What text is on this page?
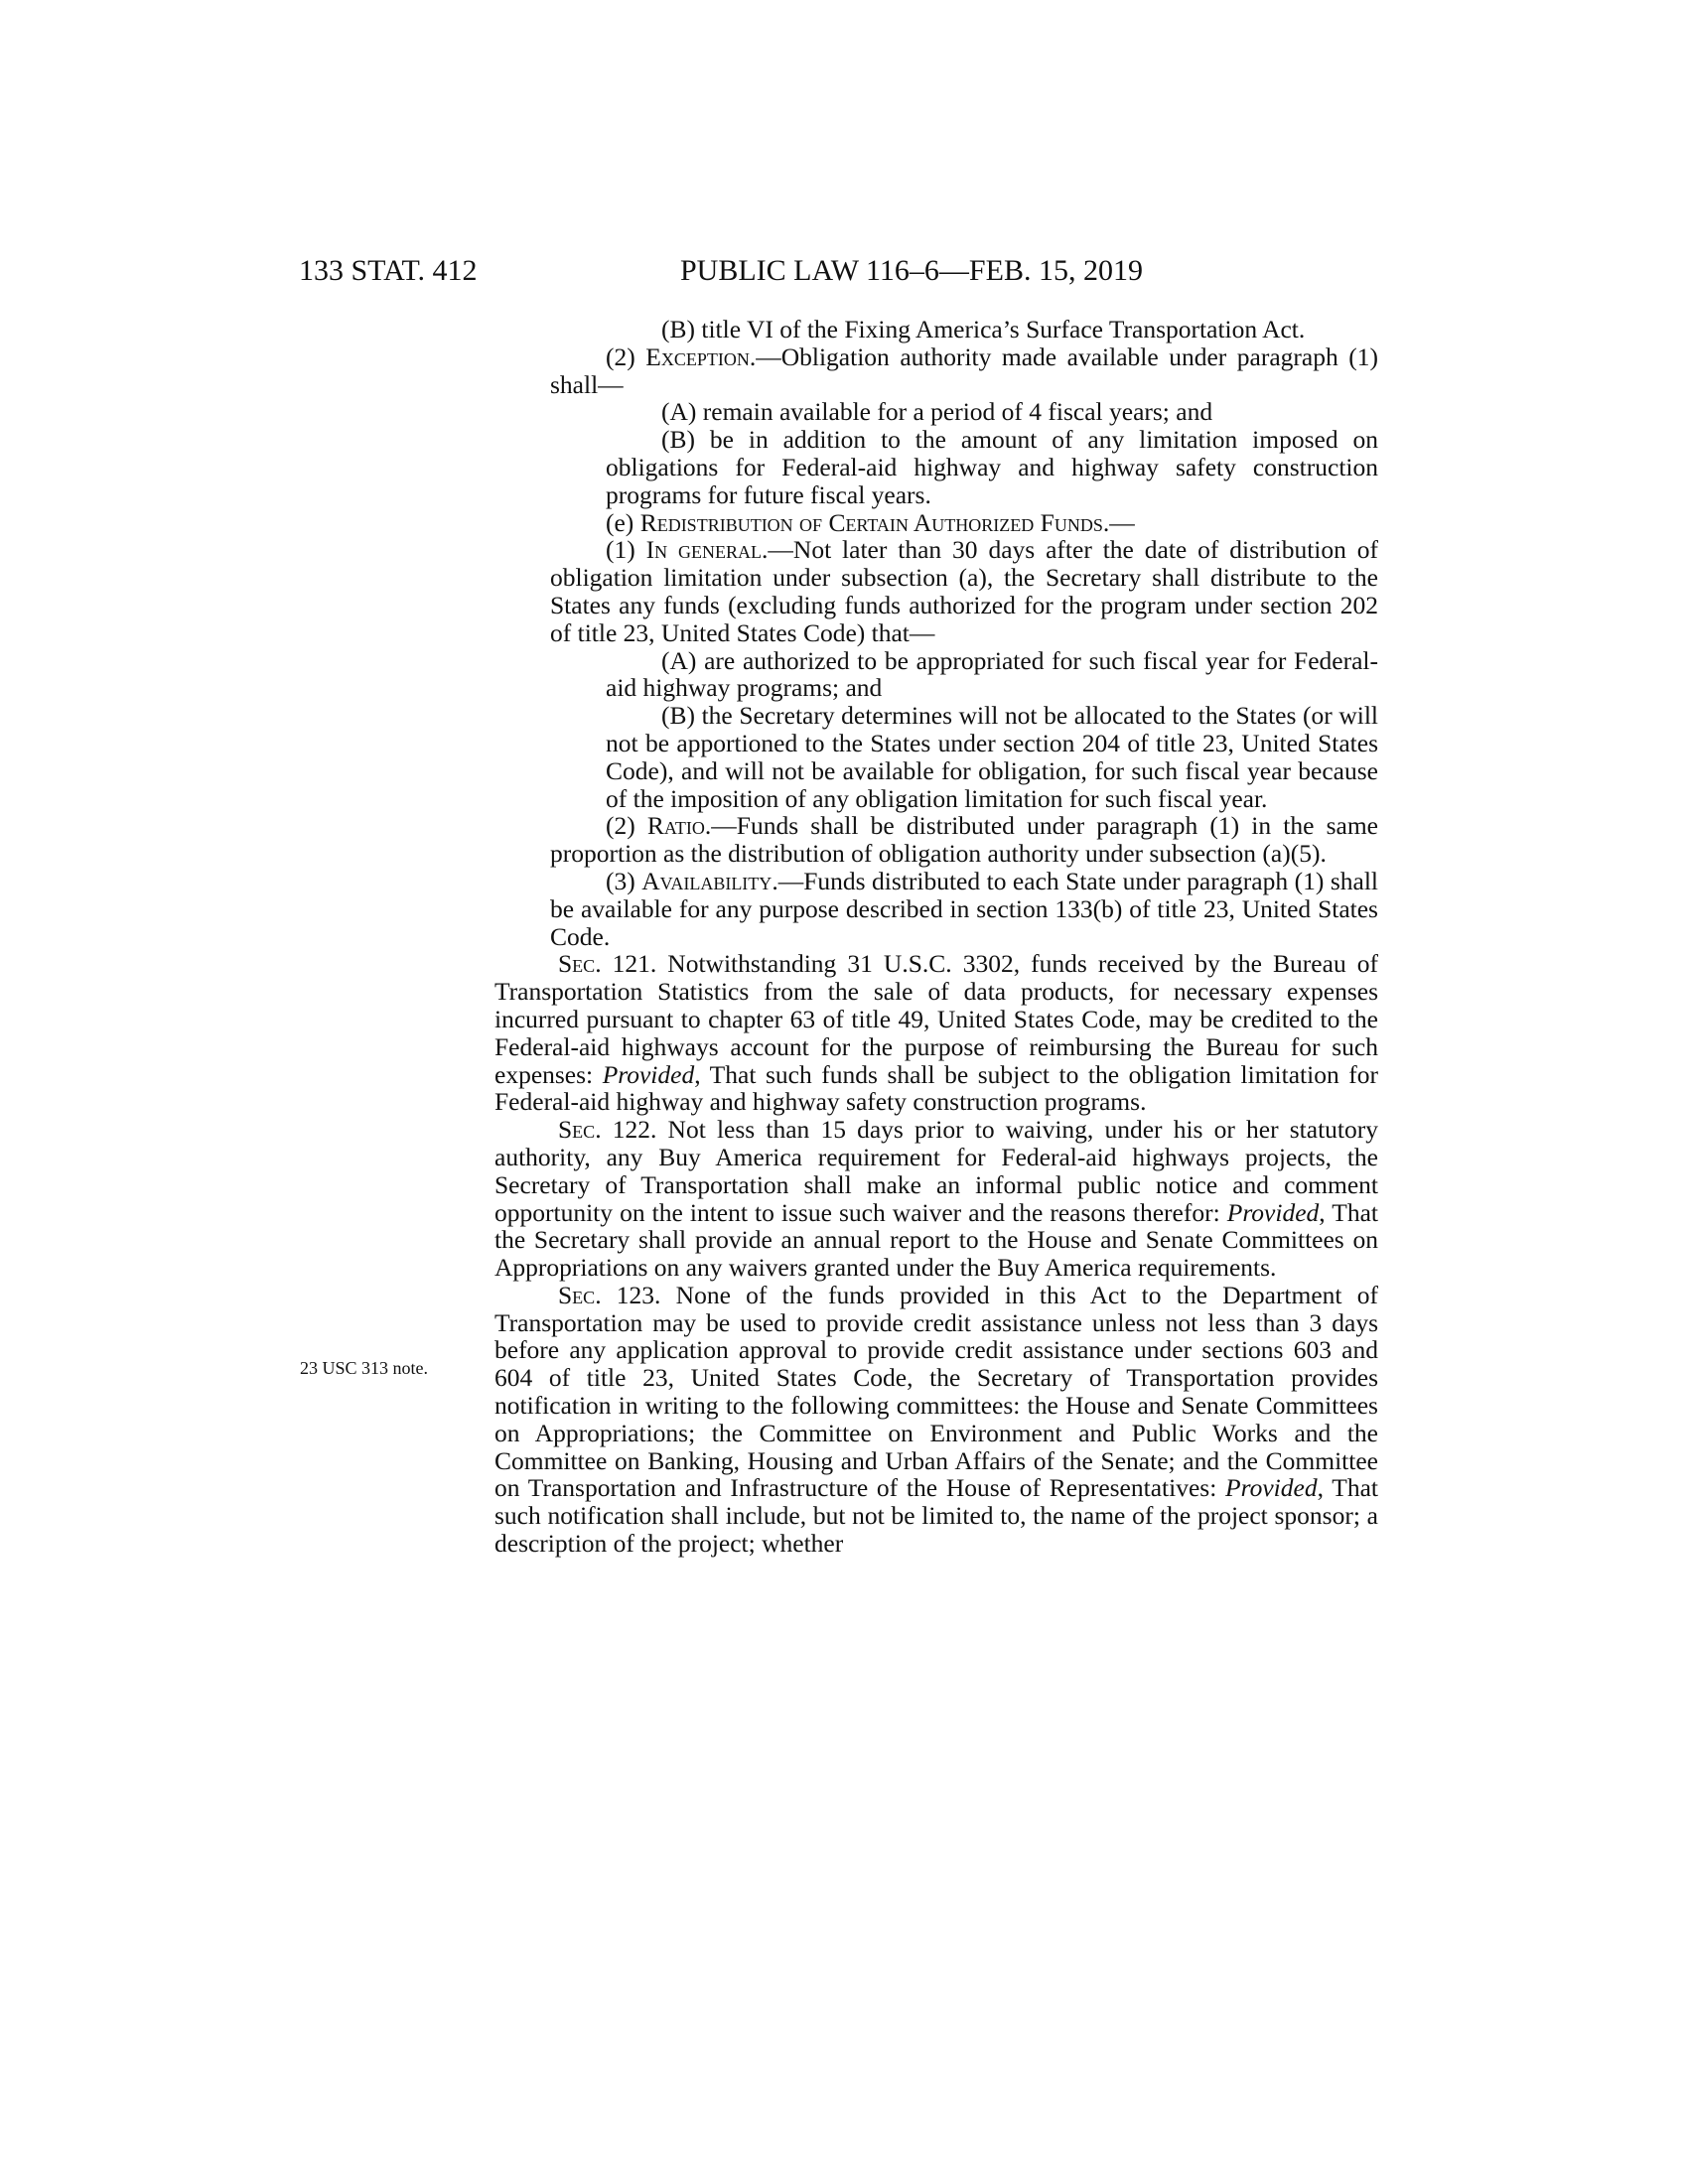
133 STAT. 412	PUBLIC LAW 116–6—FEB. 15, 2019
23 USC 313 note.

(B) title VI of the Fixing America’s Surface Transportation Act.

(2) Exception.—Obligation authority made available under paragraph (1) shall—

(A) remain available for a period of 4 fiscal years; and

(B) be in addition to the amount of any limitation imposed on obligations for Federal-aid highway and highway safety construction programs for future fiscal years.

(e) Redistribution of Certain Authorized Funds.—

(1) In general.—Not later than 30 days after the date of distribution of obligation limitation under subsection (a), the Secretary shall distribute to the States any funds (excluding funds authorized for the program under section 202 of title 23, United States Code) that—

(A) are authorized to be appropriated for such fiscal year for Federal-aid highway programs; and

(B) the Secretary determines will not be allocated to the States (or will not be apportioned to the States under section 204 of title 23, United States Code), and will not be available for obligation, for such fiscal year because of the imposition of any obligation limitation for such fiscal year.

(2) Ratio.—Funds shall be distributed under paragraph (1) in the same proportion as the distribution of obligation authority under subsection (a)(5).

(3) Availability.—Funds distributed to each State under paragraph (1) shall be available for any purpose described in section 133(b) of title 23, United States Code.

Sec. 121. Notwithstanding 31 U.S.C. 3302, funds received by the Bureau of Transportation Statistics from the sale of data products, for necessary expenses incurred pursuant to chapter 63 of title 49, United States Code, may be credited to the Federal-aid highways account for the purpose of reimbursing the Bureau for such expenses: Provided, That such funds shall be subject to the obligation limitation for Federal-aid highway and highway safety construction programs.

Sec. 122. Not less than 15 days prior to waiving, under his or her statutory authority, any Buy America requirement for Federal-aid highways projects, the Secretary of Transportation shall make an informal public notice and comment opportunity on the intent to issue such waiver and the reasons therefor: Provided, That the Secretary shall provide an annual report to the House and Senate Committees on Appropriations on any waivers granted under the Buy America requirements.

Sec. 123. None of the funds provided in this Act to the Department of Transportation may be used to provide credit assistance unless not less than 3 days before any application approval to provide credit assistance under sections 603 and 604 of title 23, United States Code, the Secretary of Transportation provides notification in writing to the following committees: the House and Senate Committees on Appropriations; the Committee on Environment and Public Works and the Committee on Banking, Housing and Urban Affairs of the Senate; and the Committee on Transportation and Infrastructure of the House of Representatives: Provided, That such notification shall include, but not be limited to, the name of the project sponsor; a description of the project; whether
